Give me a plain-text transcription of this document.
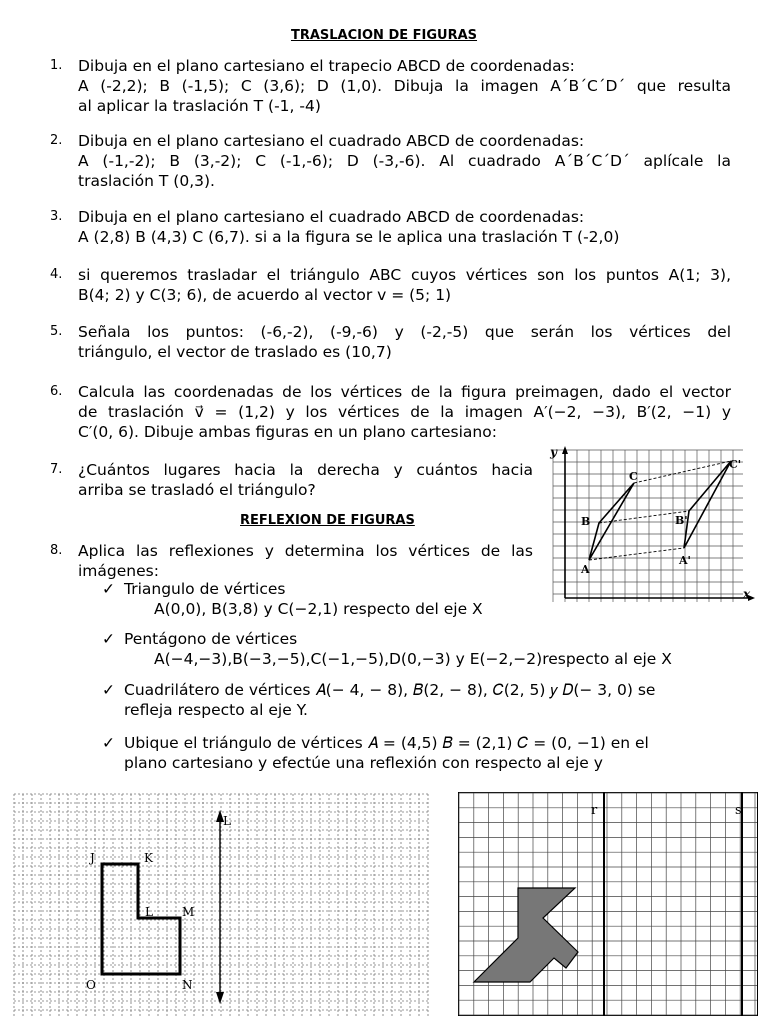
TRASLACION DE FIGURAS
1. Dibuja en el plano cartesiano el trapecio ABCD de coordenadas:
A (-2,2); B (-1,5); C (3,6); D (1,0). Dibuja la imagen A´B´C´D´ que resulta
al aplicar la traslación T (-1, -4)
2. Dibuja en el plano cartesiano el cuadrado ABCD de coordenadas:
A (-1,-2); B (3,-2); C (-1,-6); D (-3,-6). Al cuadrado A´B´C´D´ aplícale la
traslación T (0,3).
3. Dibuja en el plano cartesiano el cuadrado ABCD de coordenadas:
A (2,8) B (4,3) C (6,7). si a la figura se le aplica una traslación T (-2,0)
4. si queremos trasladar el triángulo ABC cuyos vértices son los puntos A(1; 3),
B(4; 2) y C(3; 6), de acuerdo al vector v = (5; 1)
5. Señala los puntos: (-6,-2), (-9,-6) y (-2,-5) que serán los vértices del
triángulo, el vector de traslado es (10,7)
6. Calcula las coordenadas de los vértices de la figura preimagen, dado el vector
de traslación v⃗ = (1,2) y los vértices de la imagen A′(−2, −3), B′(2, −1) y
C′(0, 6). Dibuje ambas figuras en un plano cartesiano:
7. ¿Cuántos lugares hacia la derecha y cuántos hacia
arriba se trasladó el triángulo?
REFLEXION DE FIGURAS
8. Aplica las reflexiones y determina los vértices de las
imágenes:
✓ Triangulo de vértices
A(0,0), B(3,8) y C(−2,1) respecto del eje X
✓ Pentágono de vértices
A(−4,−3),B(−3,−5),C(−1,−5),D(0,−3) y E(−2,−2)respecto al eje X
✓ Cuadrilátero de vértices 𝐴(− 4, − 8), 𝐵(2, − 8), 𝐶(2, 5) 𝑦 𝐷(− 3, 0) se
refleja respecto al eje Y.
✓ Ubique el triángulo de vértices 𝐴 = (4,5) 𝐵 = (2,1) 𝐶 = (0, −1) en el
plano cartesiano y efectúe una reflexión con respecto al eje y
y
x
A
B
C
A'
B'
C'
L
J	K
L M
N
O
r	s
